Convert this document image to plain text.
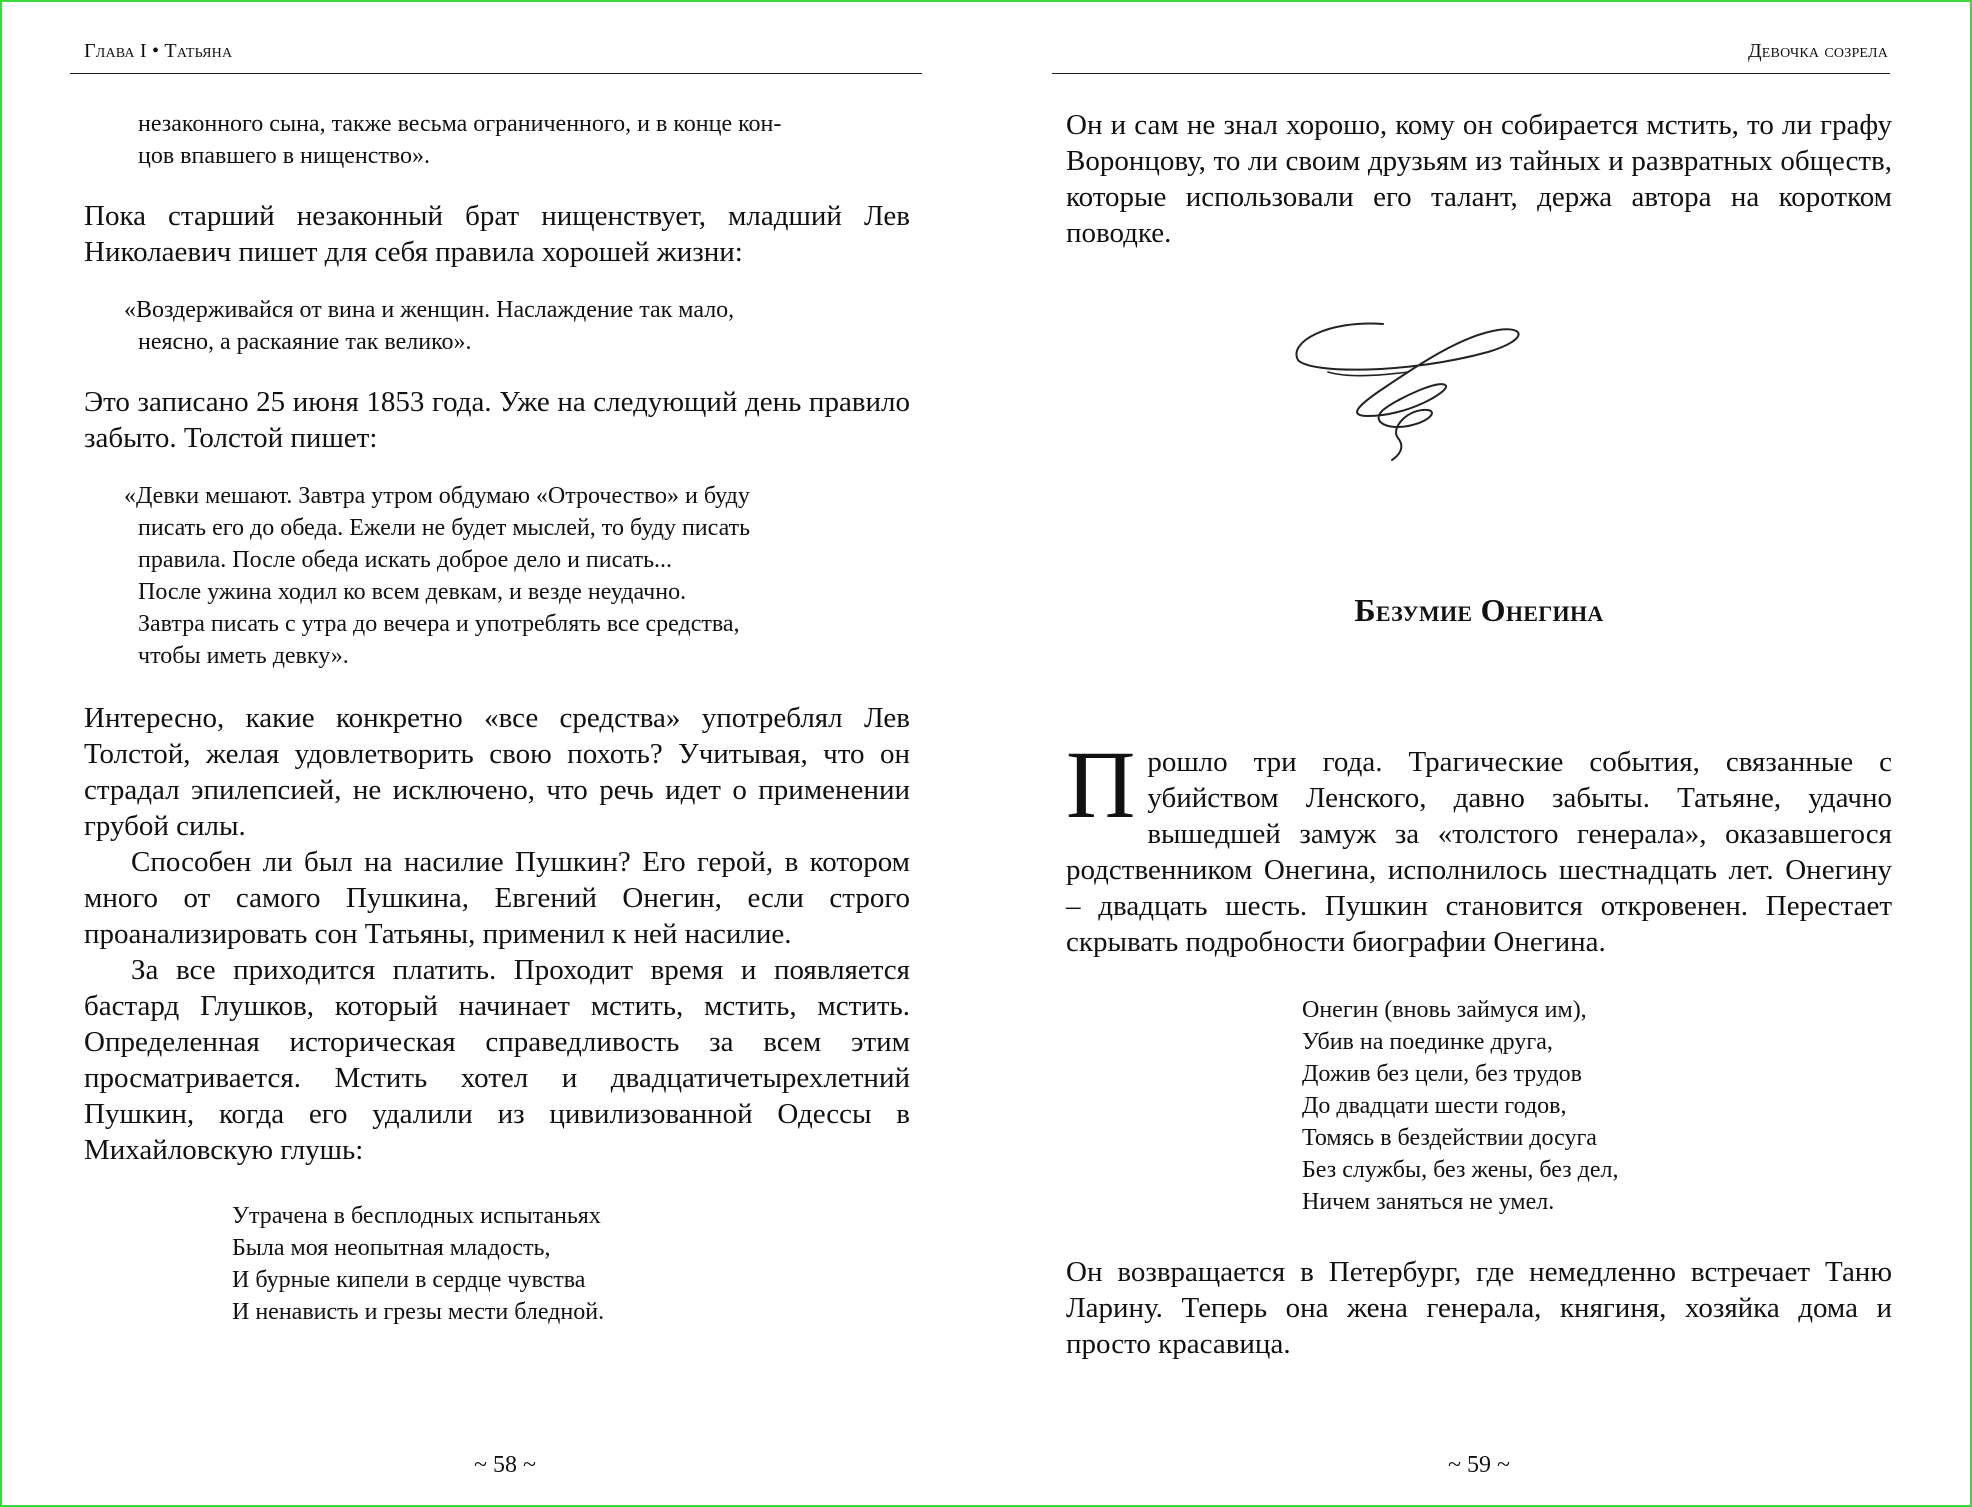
Глава I • Татьяна
незаконного сына, также весьма ограниченного, и в конце кон-
цов впавшего в нищенство».

Пока старший незаконный брат нищенствует, младший Лев Николаевич пишет для себя правила хорошей жизни:

«Воздерживайся от вина и женщин. Наслаждение так мало,
неясно, а раскаяние так велико».

Это записано 25 июня 1853 года. Уже на следующий день правило забыто. Толстой пишет:

«Девки мешают. Завтра утром обдумаю «Отрочество» и буду
писать его до обеда. Ежели не будет мыслей, то буду писать
правила. После обеда искать доброе дело и писать...
После ужина ходил ко всем девкам, и везде неудачно.
Завтра писать с утра до вечера и употреблять все средства,
чтобы иметь девку».

Интересно, какие конкретно «все средства» употреблял Лев Толстой, желая удовлетворить свою похоть? Учитывая, что он страдал эпилепсией, не исключено, что речь идет о применении грубой силы.

Способен ли был на насилие Пушкин? Его герой, в котором много от самого Пушкина, Евгений Онегин, если строго проанализировать сон Татьяны, применил к ней насилие.

За все приходится платить. Проходит время и появляется бастард Глушков, который начинает мстить, мстить, мстить. Определенная историческая справедливость за всем этим просматривается. Мстить хотел и двадцатичетырехлетний Пушкин, когда его удалили из цивилизованной Одессы в Михайловскую глушь:

Утрачена в бесплодных испытаньях
Была моя неопытная младость,
И бурные кипели в сердце чувства
И ненависть и грезы мести бледной.
~ 58 ~
Девочка созрела

Он и сам не знал хорошо, кому он собирается мстить, то ли графу Воронцову, то ли своим друзьям из тайных и развратных обществ, которые использовали его талант, держа автора на коротком поводке.

Безумие Онегина
П рошло три года. Трагические события, связанные с убийством Ленского, давно забыты. Татьяне, удачно вышедшей замуж за «толстого генерала», оказавшегося родственником Онегина, исполнилось шестнадцать лет. Онегину – двадцать шесть. Пушкин становится откровенен. Перестает скрывать подробности биографии Онегина.
Онегин (вновь займуся им),
Убив на поединке друга,
Дожив без цели, без трудов
До двадцати шести годов,
Томясь в бездействии досуга
Без службы, без жены, без дел,
Ничем заняться не умел.

Он возвращается в Петербург, где немедленно встречает Таню Ларину. Теперь она жена генерала, княгиня, хозяйка дома и просто красавица.

~ 59 ~
